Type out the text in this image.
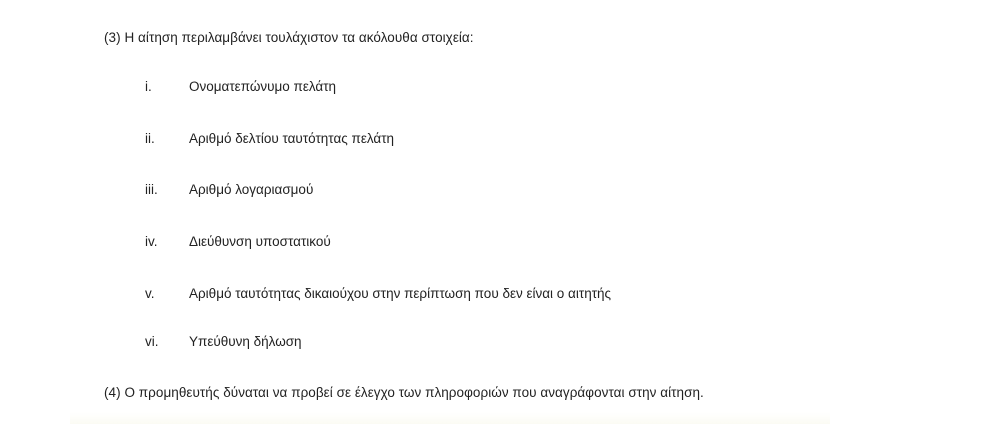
(3) Η αίτηση περιλαμβάνει τουλάχιστον τα ακόλουθα στοιχεία:
i.	Ονοματεπώνυμο πελάτη
ii.	Αριθμό δελτίου ταυτότητας πελάτη
iii.	Αριθμό λογαριασμού
iv.	Διεύθυνση υποστατικού
v.	Αριθμό ταυτότητας δικαιούχου στην περίπτωση που δεν είναι ο αιτητής
vi.	Υπεύθυνη δήλωση
(4) Ο προμηθευτής δύναται να προβεί σε έλεγχο των πληροφοριών που αναγράφονται στην αίτηση.
